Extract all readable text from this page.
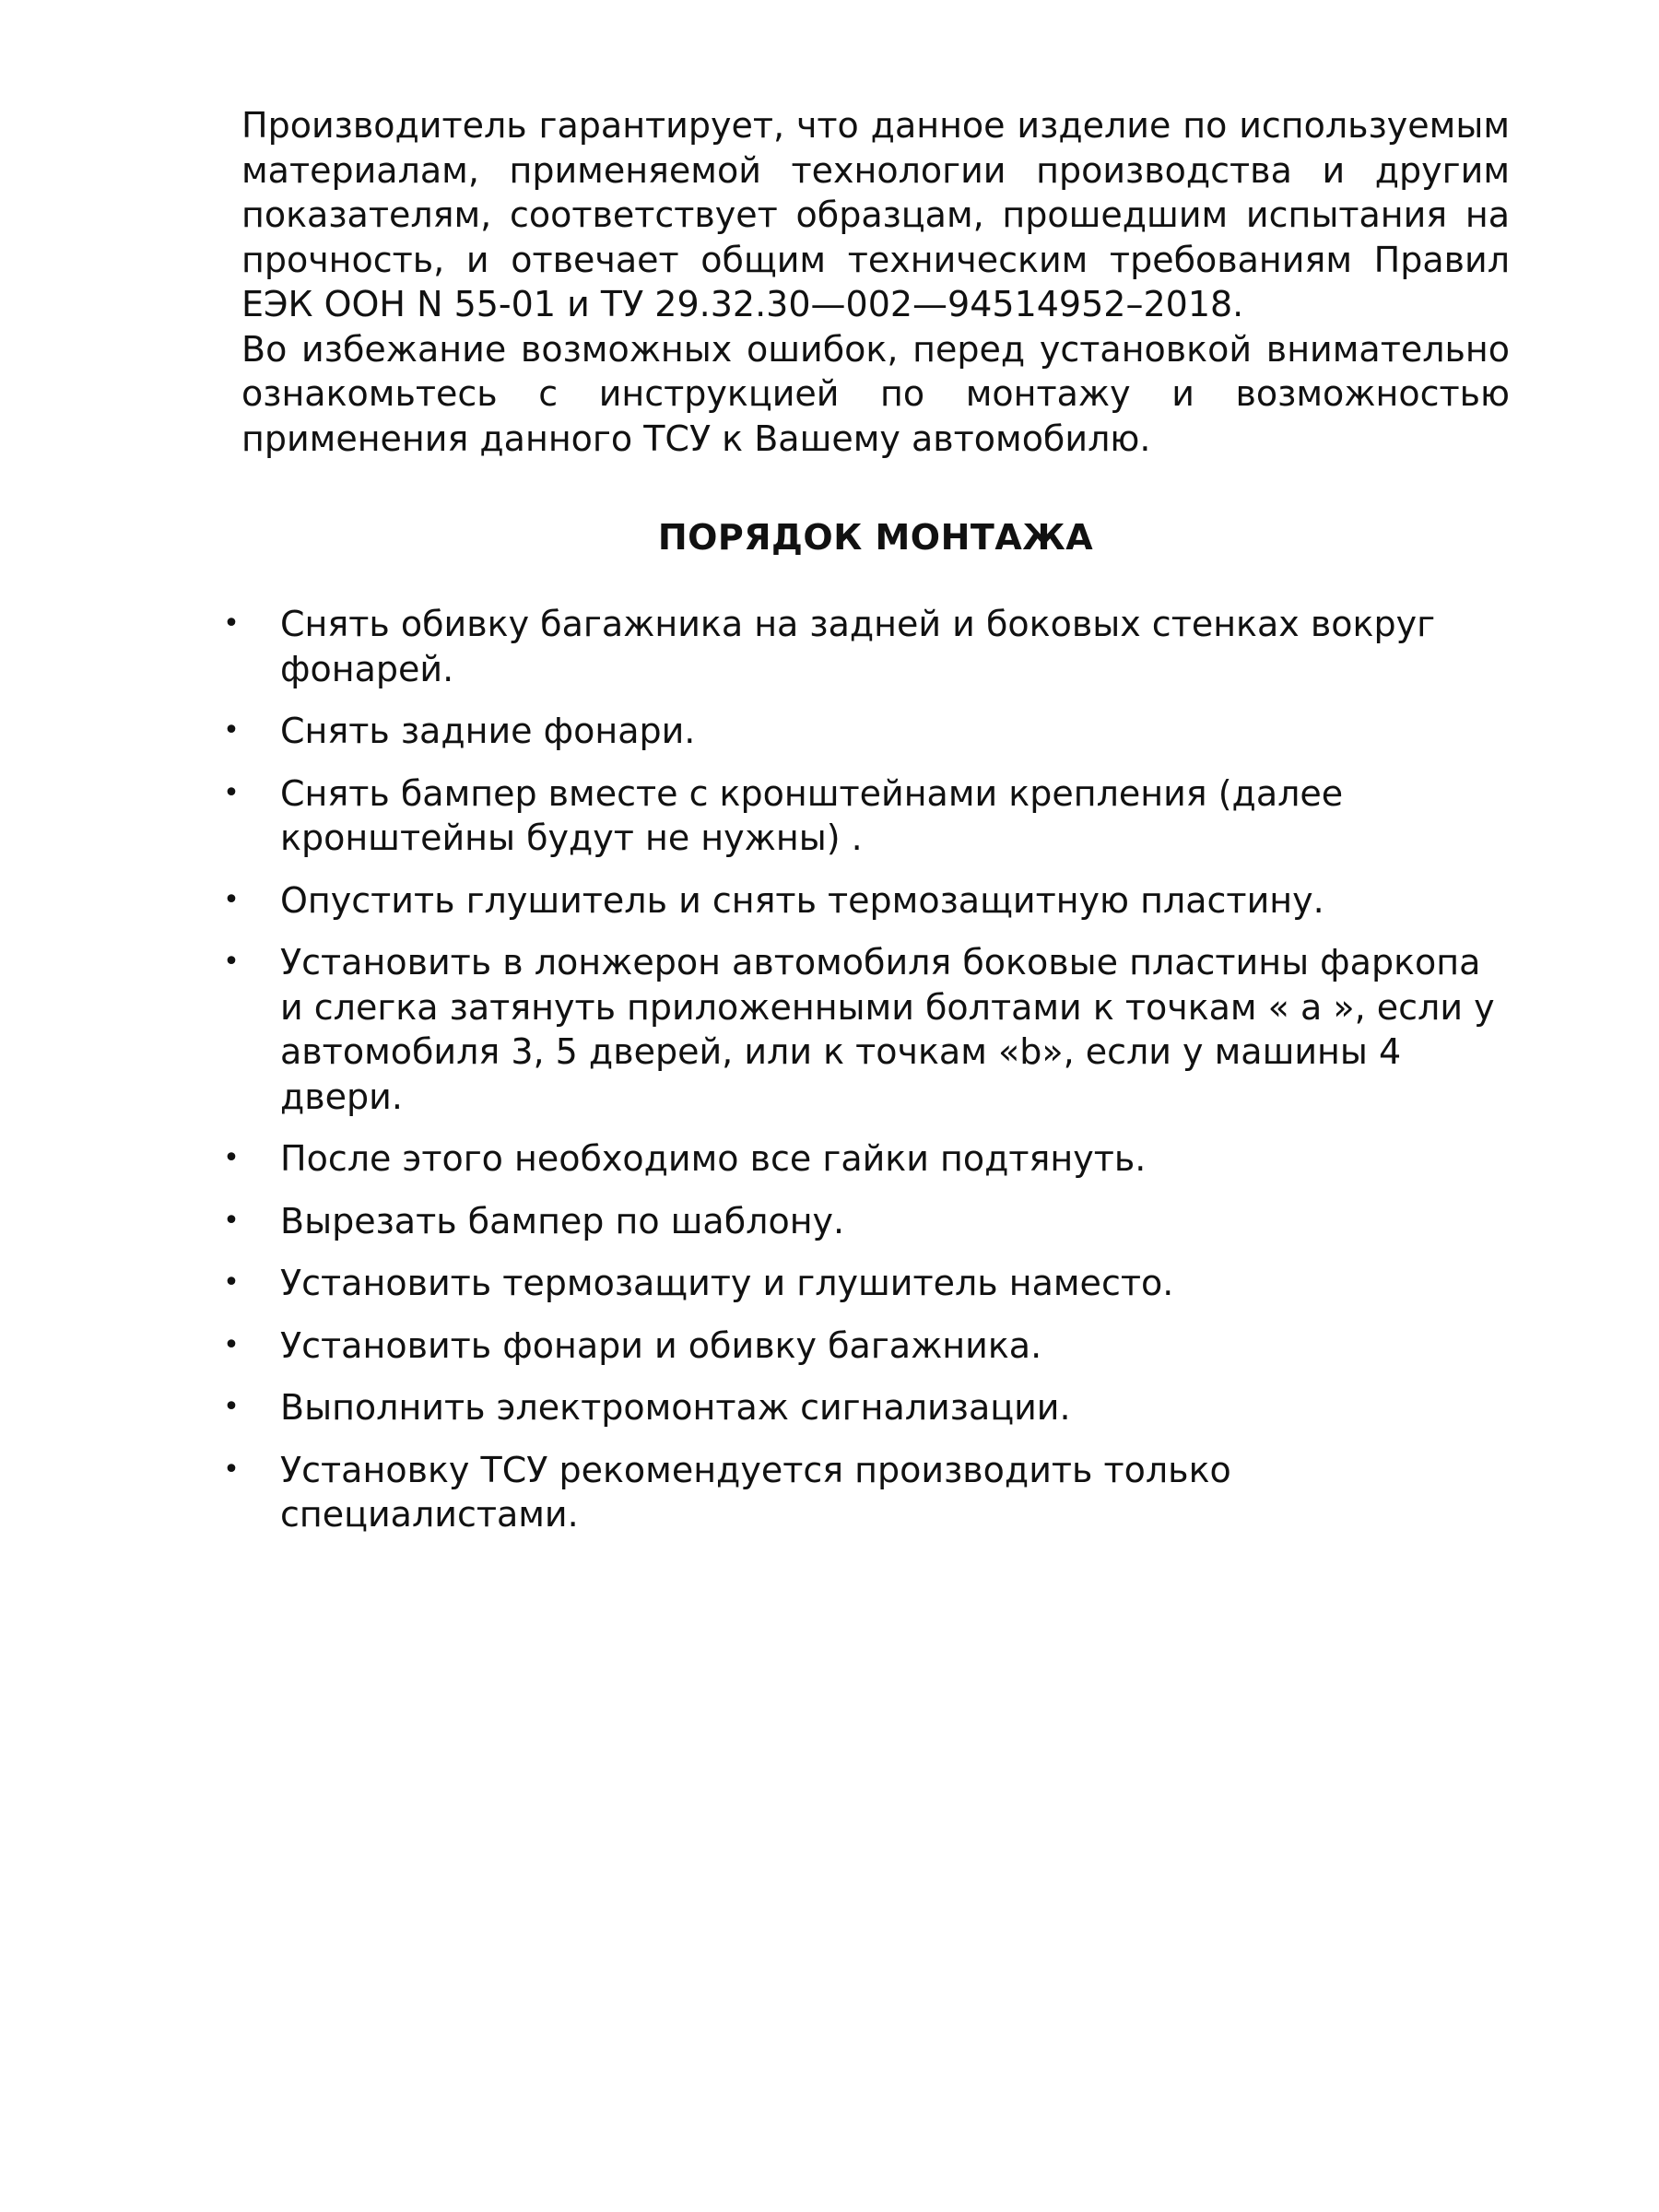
Производитель гарантирует, что данное изделие по используемым материалам, применяемой технологии производства и другим показателям, соответствует образцам, прошедшим испытания на прочность, и отвечает общим техническим требованиям Правил ЕЭК ООН N 55-01 и ТУ 29.32.30—002—94514952–2018.

Во избежание возможных ошибок, перед установкой внимательно ознакомьтесь с инструкцией по монтажу и возможностью применения данного ТСУ к Вашему автомобилю.

ПОРЯДОК МОНТАЖА
• Снять обивку багажника на задней и боковых стенках вокруг фонарей.
• Снять задние фонари.
• Снять бампер вместе с кронштейнами крепления (далее кронштейны будут не нужны) .
• Опустить глушитель и снять термозащитную пластину.
• Установить в лонжерон автомобиля боковые пластины фаркопа и слегка затянуть приложенными болтами к точкам « а », если у автомобиля 3, 5 дверей, или к точкам «b», если у машины 4 двери.
• После этого необходимо все гайки подтянуть.
• Вырезать бампер по шаблону.
• Установить термозащиту и глушитель наместо.
• Установить фонари и обивку багажника.
• Выполнить электромонтаж сигнализации.
• Установку ТСУ рекомендуется производить только специалистами.
